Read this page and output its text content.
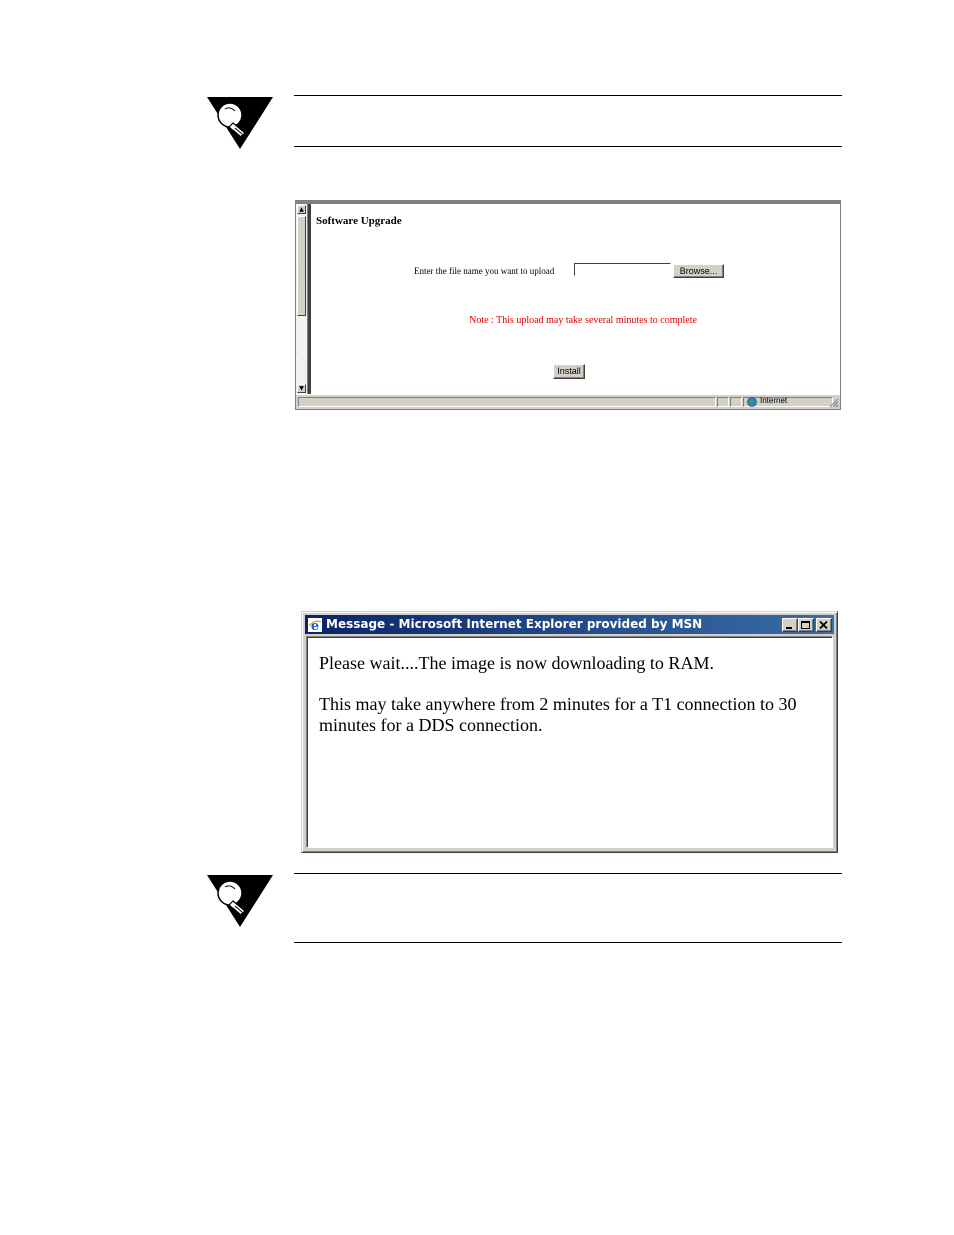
▲
▼
Software Upgrade
Enter the file name you want to upload	Browse...
Note : This upload may take several minutes to complete
Install
Internet
e Message - Microsoft Internet Explorer provided by MSN
Please wait....The image is now downloading to RAM.
This may take anywhere from 2 minutes for a T1 connection to 30 minutes for a DDS connection.
